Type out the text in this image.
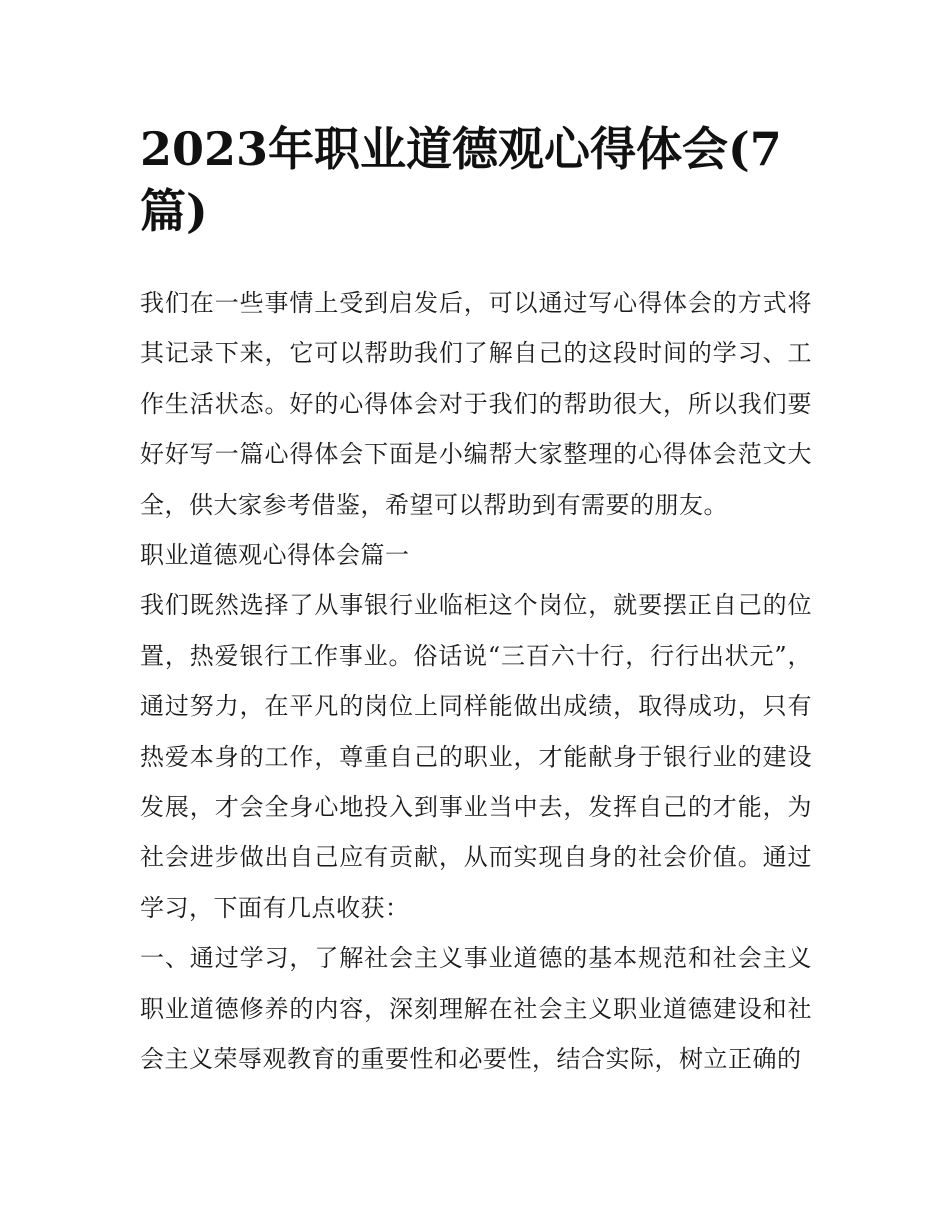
2023年职业道德观心得体会(7篇)

我们在一些事情上受到启发后，可以通过写心得体会的方式将其记录下来，它可以帮助我们了解自己的这段时间的学习、工作生活状态。好的心得体会对于我们的帮助很大，所以我们要好好写一篇心得体会下面是小编帮大家整理的心得体会范文大全，供大家参考借鉴，希望可以帮助到有需要的朋友。

职业道德观心得体会篇一

我们既然选择了从事银行业临柜这个岗位，就要摆正自己的位置，热爱银行工作事业。俗话说“三百六十行，行行出状元”，通过努力，在平凡的岗位上同样能做出成绩，取得成功，只有热爱本身的工作，尊重自己的职业，才能献身于银行业的建设发展，才会全身心地投入到事业当中去，发挥自己的才能，为社会进步做出自己应有贡献，从而实现自身的社会价值。通过学习，下面有几点收获：

一、通过学习，了解社会主义事业道德的基本规范和社会主义职业道德修养的内容，深刻理解在社会主义职业道德建设和社会主义荣辱观教育的重要性和必要性，结合实际，树立正确的
